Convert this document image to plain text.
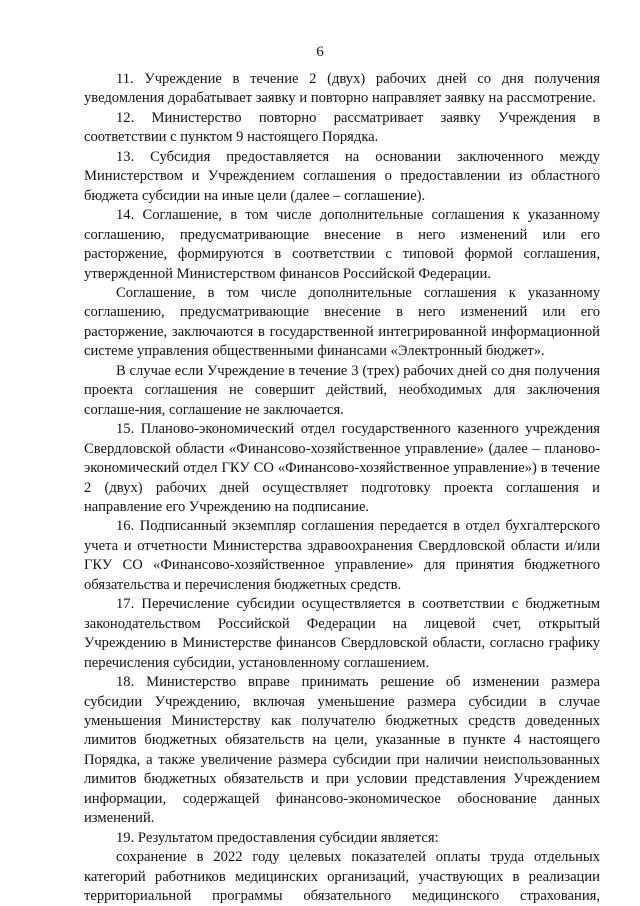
6

11. Учреждение в течение 2 (двух) рабочих дней со дня получения уведомления дорабатывает заявку и повторно направляет заявку на рассмотрение.

12. Министерство повторно рассматривает заявку Учреждения в соответствии с пунктом 9 настоящего Порядка.

13. Субсидия предоставляется на основании заключенного между Министерством и Учреждением соглашения о предоставлении из областного бюджета субсидии на иные цели (далее – соглашение).

14. Соглашение, в том числе дополнительные соглашения к указанному соглашению, предусматривающие внесение в него изменений или его расторжение, формируются в соответствии с типовой формой соглашения, утвержденной Министерством финансов Российской Федерации.

Соглашение, в том числе дополнительные соглашения к указанному соглашению, предусматривающие внесение в него изменений или его расторжение, заключаются в государственной интегрированной информационной системе управления общественными финансами «Электронный бюджет».

В случае если Учреждение в течение 3 (трех) рабочих дней со дня получения проекта соглашения не совершит действий, необходимых для заключения соглаше-ния, соглашение не заключается.

15. Планово-экономический отдел государственного казенного учреждения Свердловской области «Финансово-хозяйственное управление» (далее – планово-экономический отдел ГКУ СО «Финансово-хозяйственное управление») в течение 2 (двух) рабочих дней осуществляет подготовку проекта соглашения и направление его Учреждению на подписание.

16. Подписанный экземпляр соглашения передается в отдел бухгалтерского учета и отчетности Министерства здравоохранения Свердловской области и/или ГКУ СО «Финансово-хозяйственное управление» для принятия бюджетного обязательства и перечисления бюджетных средств.

17. Перечисление субсидии осуществляется в соответствии с бюджетным законодательством Российской Федерации на лицевой счет, открытый Учреждению в Министерстве финансов Свердловской области, согласно графику перечисления субсидии, установленному соглашением.

18. Министерство вправе принимать решение об изменении размера субсидии Учреждению, включая уменьшение размера субсидии в случае уменьшения Министерству как получателю бюджетных средств доведенных лимитов бюджетных обязательств на цели, указанные в пункте 4 настоящего Порядка, а также увеличение размера субсидии при наличии неиспользованных лимитов бюджетных обязательств и при условии представления Учреждением информации, содержащей финансово-экономическое обоснование данных изменений.

19. Результатом предоставления субсидии является:

сохранение в 2022 году целевых показателей оплаты труда отдельных категорий работников медицинских организаций, участвующих в реализации территориальной программы обязательного медицинского страхования,
